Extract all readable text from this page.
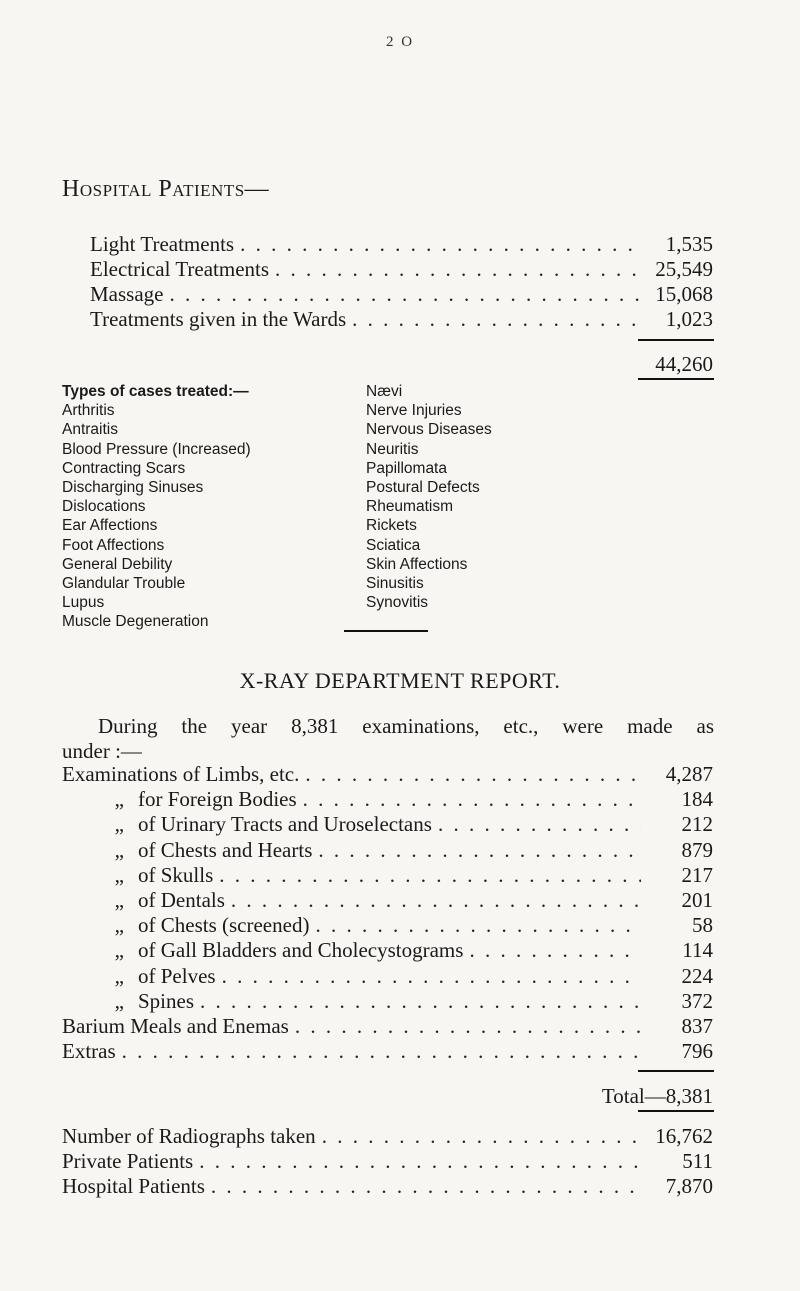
2 O
Hospital Patients—
Light Treatments . . .	1,535
Electrical Treatments . . .	25,549
Massage . . .	15,068
Treatments given in the Wards . . .	1,023
44,260
Types of cases treated:—
Arthritis
Antraitis
Blood Pressure (Increased)
Contracting Scars
Discharging Sinuses
Dislocations
Ear Affections
Foot Affections
General Debility
Glandular Trouble
Lupus
Muscle Degeneration
Nævi
Nerve Injuries
Nervous Diseases
Neuritis
Papillomata
Postural Defects
Rheumatism
Rickets
Sciatica
Skin Affections
Sinusitis
Synovitis
X-RAY DEPARTMENT REPORT.
During the year 8,381 examinations, etc., were made as
under :—
Examinations of Limbs, etc. . . .	4,287
„ for Foreign Bodies . . .	184
„ of Urinary Tracts and Uroselectans . . .	212
„ of Chests and Hearts . . .	879
„ of Skulls . . .	217
„ of Dentals . . .	201
„ of Chests (screened) . . .	58
„ of Gall Bladders and Cholecystograms . . .	114
„ of Pelves . . .	224
„ Spines . . .	372
Barium Meals and Enemas . . .	837
Extras . . .	796
Total—8,381
Number of Radiographs taken . . .	16,762
Private Patients . . .	511
Hospital Patients . . .	7,870
